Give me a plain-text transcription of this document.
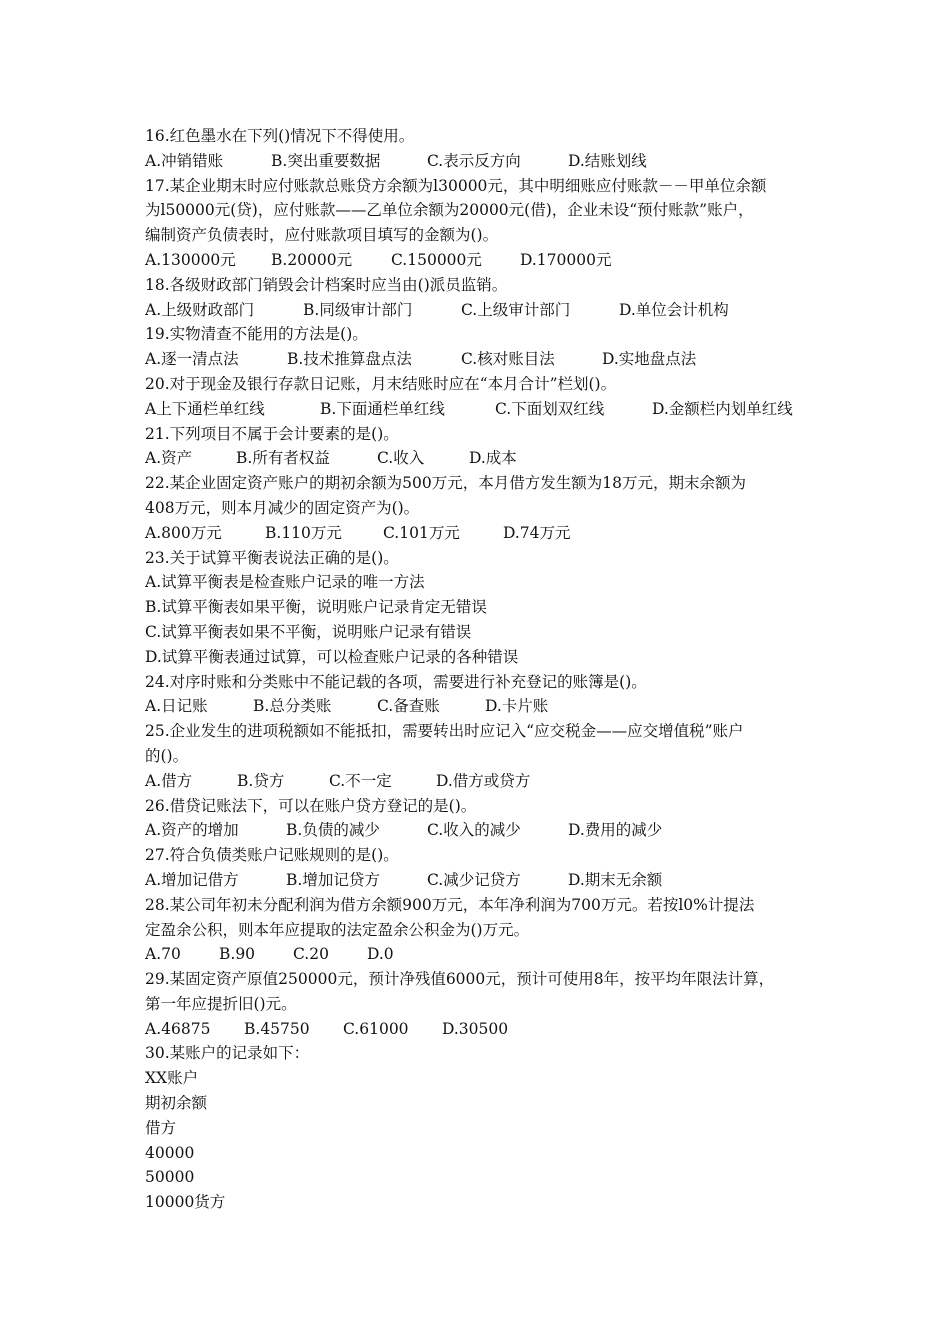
16.红色墨水在下列()情况下不得使用。
A.冲销错账	B.突出重要数据	C.表示反方向	D.结账划线
17.某企业期末时应付账款总账贷方余额为l30000元，其中明细账应付账款－－甲单位余额
为l50000元(贷)，应付账款——乙单位余额为20000元(借)，企业未设“预付账款”账户，
编制资产负债表时，应付账款项目填写的金额为()。
A.130000元 B.20000元	C.150000元 D.170000元
18.各级财政部门销毁会计档案时应当由()派员监销。
A.上级财政部门	B.同级审计部门	C.上级审计部门	D.单位会计机构
19.实物清查不能用的方法是()。
A.逐一清点法	B.技术推算盘点法	C.核对账目法	D.实地盘点法
20.对于现金及银行存款日记账，月末结账时应在“本月合计”栏划()。
A上下通栏单红线	B.下面通栏单红线	C.下面划双红线	D.金额栏内划单红线
21.下列项目不属于会计要素的是()。
A.资产	B.所有者权益	C.收入	D.成本
22.某企业固定资产账户的期初余额为500万元，本月借方发生额为18万元，期末余额为
408万元，则本月减少的固定资产为()。
A.800万元	B.110万元	C.101万元	D.74万元
23.关于试算平衡表说法正确的是()。
A.试算平衡表是检查账户记录的唯一方法
B.试算平衡表如果平衡，说明账户记录肯定无错误
C.试算平衡表如果不平衡，说明账户记录有错误
D.试算平衡表通过试算，可以检查账户记录的各种错误
24.对序时账和分类账中不能记载的各项，需要进行补充登记的账簿是()。
A.日记账	B.总分类账	C.备查账	D.卡片账
25.企业发生的进项税额如不能抵扣，需要转出时应记入“应交税金——应交增值税”账户
的()。
A.借方	B.贷方	C.不一定	D.借方或贷方
26.借贷记账法下，可以在账户贷方登记的是()。
A.资产的增加	B.负债的减少	C.收入的减少	D.费用的减少
27.符合负债类账户记账规则的是()。
A.增加记借方	B.增加记贷方	C.减少记贷方	D.期末无余额
28.某公司年初未分配利润为借方余额900万元，本年净利润为700万元。若按l0%计提法
定盈余公积，则本年应提取的法定盈余公积金为()万元。
A.70 B.90 C.20 D.0
29.某固定资产原值250000元，预计净残值6000元，预计可使用8年，按平均年限法计算，
第一年应提折旧()元。
A.46875 B.45750 C.61000 D.30500
30.某账户的记录如下：
XX账户
期初余额
借方
40000
50000
10000货方
